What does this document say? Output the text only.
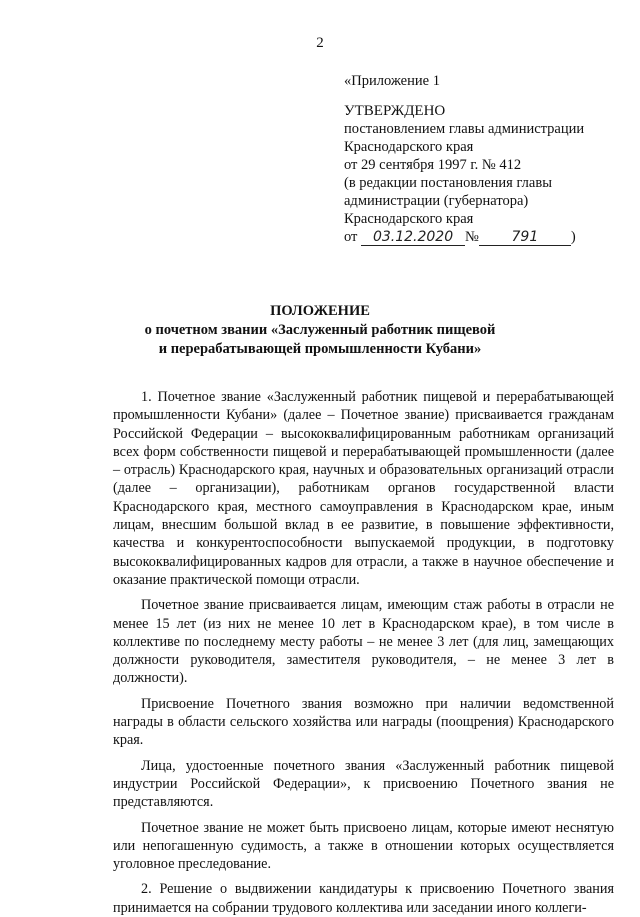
2
«Приложение 1
УТВЕРЖДЕНО
постановлением главы администрации
Краснодарского края
от 29 сентября 1997 г. № 412
(в редакции постановления главы
администрации (губернатора)
Краснодарского края
от 03.12.2020 № 791 )
ПОЛОЖЕНИЕ
о почетном звании «Заслуженный работник пищевой
и перерабатывающей промышленности Кубани»

1. Почетное звание «Заслуженный работник пищевой и перерабатывающей промышленности Кубани» (далее – Почетное звание) присваивается гражданам Российской Федерации – высококвалифицированным работникам организаций всех форм собственности пищевой и перерабатывающей промышленности (далее – отрасль) Краснодарского края, научных и образовательных организаций отрасли (далее – организации), работникам органов государственной власти Краснодарского края, местного самоуправления в Краснодарском крае, иным лицам, внесшим большой вклад в ее развитие, в повышение эффективности, качества и конкурентоспособности выпускаемой продукции, в подготовку высококвалифицированных кадров для отрасли, а также в научное обеспечение и оказание практической помощи отрасли.

Почетное звание присваивается лицам, имеющим стаж работы в отрасли не менее 15 лет (из них не менее 10 лет в Краснодарском крае), в том числе в коллективе по последнему месту работы – не менее 3 лет (для лиц, замещающих должности руководителя, заместителя руководителя, – не менее 3 лет в должности).

Присвоение Почетного звания возможно при наличии ведомственной награды в области сельского хозяйства или награды (поощрения) Краснодарского края.

Лица, удостоенные почетного звания «Заслуженный работник пищевой индустрии Российской Федерации», к присвоению Почетного звания не представляются.

Почетное звание не может быть присвоено лицам, которые имеют неснятую или непогашенную судимость, а также в отношении которых осуществляется уголовное преследование.

2. Решение о выдвижении кандидатуры к присвоению Почетного звания принимается на собрании трудового коллектива или заседании иного коллеги-
